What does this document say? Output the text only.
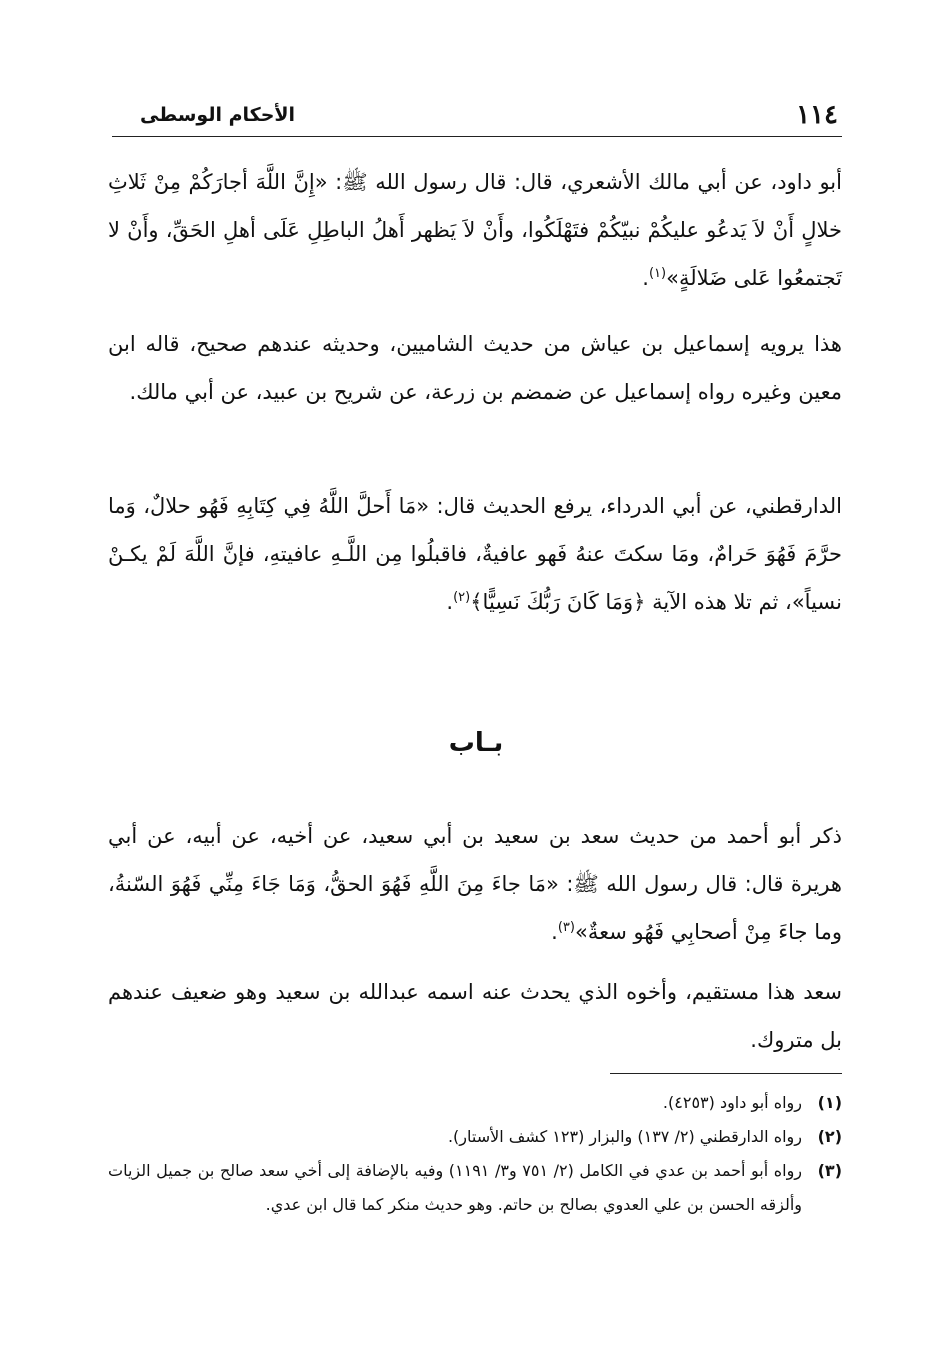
١١٤
الأحكام الوسطى

أبو داود، عن أبي مالك الأشعري، قال: قال رسول الله ﷺ: «إِنَّ اللَّهَ أجارَكُمْ مِنْ ثَلاثِ خلالٍ أَنْ لاَ يَدعُو عليكُمْ نبيّكُمْ فتَهْلَكُوا، وأَنْ لاَ يَظهر أَهلُ الباطِلِ عَلَى أهلِ الحَقِّ، وأَنْ لا تَجتمعُوا عَلى ضَلالَةٍ»$^{(١)}$.

هذا يرويه إسماعيل بن عياش من حديث الشاميين، وحديثه عندهم صحيح، قاله ابن معين وغيره رواه إسماعيل عن ضمضم بن زرعة، عن شريح بن عبيد، عن أبي مالك.

الدارقطني، عن أبي الدرداء، يرفع الحديث قال: «مَا أَحلَّ اللَّهُ فِي كِتَابِهِ فَهُو حلالٌ، وَما حرَّمَ فَهُوَ حَرامٌ، ومَا سكتَ عنهُ فَهو عافيةٌ، فاقبلُوا مِن اللَّـهِ عافيتهِ، فإنَّ اللَّهَ لَمْ يكـنْ نسياً»، ثم تلا هذه الآية ﴿وَمَا كَانَ رَبُّكَ نَسِيًّا﴾$^{(٢)}$.

بـاب

ذكر أبو أحمد من حديث سعد بن سعيد بن أبي سعيد، عن أخيه، عن أبيه، عن أبي هريرة قال: قال رسول الله ﷺ: «مَا جاءَ مِنَ اللَّهِ فَهُوَ الحقُّ، وَمَا جَاءَ مِنِّي فَهُوَ السّنةُ، وما جاءَ مِنْ أصحابِي فَهُو سعةٌ»$^{(٣)}$.

سعد هذا مستقيم، وأخوه الذي يحدث عنه اسمه عبدالله بن سعيد وهو ضعيف عندهم بل متروك.

(١)
رواه أبو داود (٤٢٥٣).
(٢)
رواه الدارقطني (٢/ ١٣٧) والبزار (١٢٣ كشف الأستار).
(٣)
رواه أبو أحمد بن عدي في الكامل (٢/ ٧٥١ و٣/ ١١٩١) وفيه بالإضافة إلى أخي سعد صالح بن جميل الزيات وألزقه الحسن بن علي العدوي بصالح بن حاتم. وهو حديث منكر كما قال ابن عدي.
